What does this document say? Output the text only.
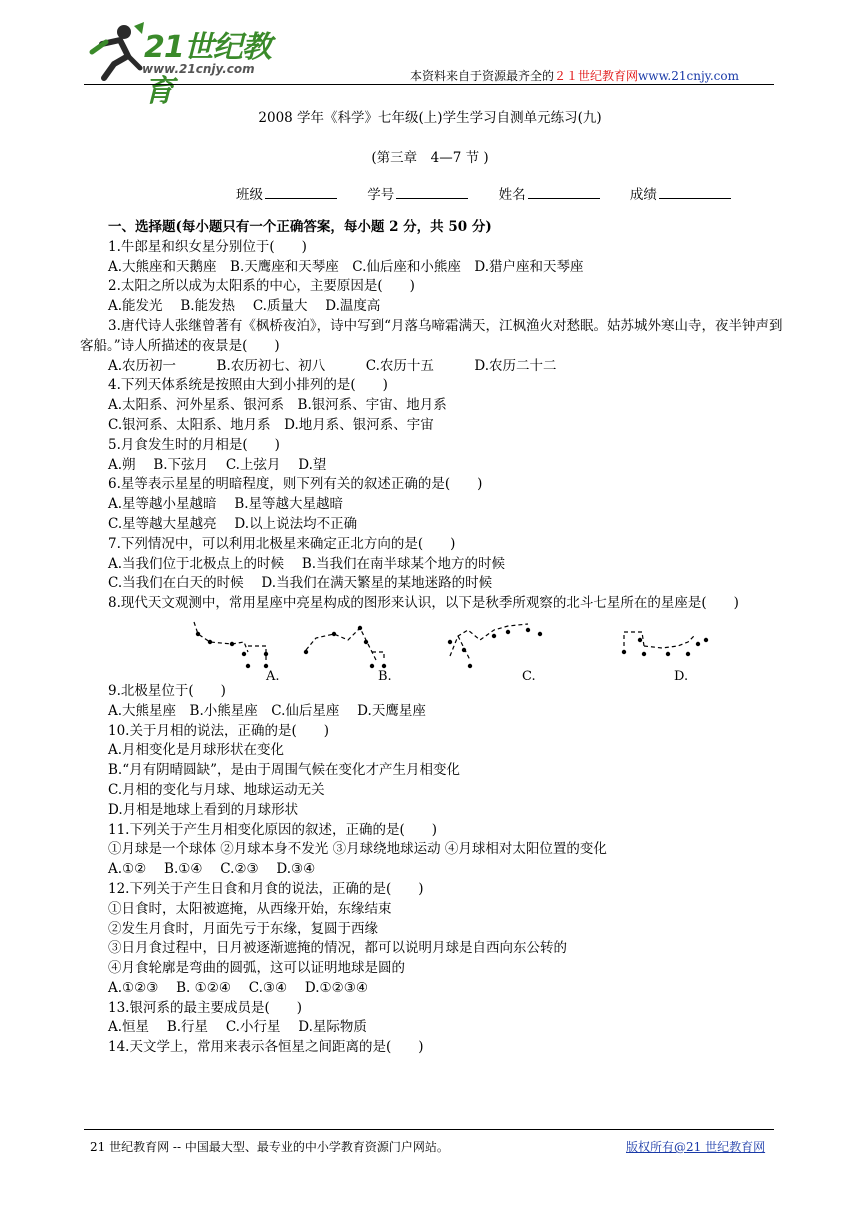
21世纪教育
www.21cnjy.com	本资料来自于资源最齐全的２１世纪教育网www.21cnjy.com
2008 学年《科学》七年级(上)学生学习自测单元练习(九)
(第三章　4—7 节 )
班级	学号	姓名	成绩

一、选择题(每小题只有一个正确答案，每小题 2 分，共 50 分)

1.牛郎星和织女星分别位于(　　)

A.大熊座和天鹅座　B.天鹰座和天琴座　C.仙后座和小熊座　D.猎户座和天琴座

2.太阳之所以成为太阳系的中心，主要原因是(　　)

A.能发光　 B.能发热　 C.质量大　 D.温度高

3.唐代诗人张继曾著有《枫桥夜泊》，诗中写到“月落乌啼霜满天，江枫渔火对愁眠。姑苏城外寒山寺，夜半钟声到客船。”诗人所描述的夜景是(　　)

A.农历初一　　　B.农历初七、初八　　　C.农历十五　　　D.农历二十二

4.下列天体系统是按照由大到小排列的是(　　)

A.太阳系、河外星系、银河系　B.银河系、宇宙、地月系

C.银河系、太阳系、地月系　D.地月系、银河系、宇宙

5.月食发生时的月相是(　　)

A.朔　 B.下弦月　 C.上弦月　 D.望

6.星等表示星星的明暗程度，则下列有关的叙述正确的是(　　)

A.星等越小星越暗　 B.星等越大星越暗

C.星等越大星越亮　 D.以上说法均不正确

7.下列情况中，可以利用北极星来确定正北方向的是(　　)

A.当我们位于北极点上的时候　 B.当我们在南半球某个地方的时候

C.当我们在白天的时候　 D.当我们在满天繁星的某地迷路的时候

8.现代天文观测中，常用星座中亮星构成的图形来认识，以下是秋季所观察的北斗七星所在的星座是(　　)

A.	B.	C.	D.

9.北极星位于(　　)

A.大熊星座　B.小熊星座　C.仙后星座　 D.天鹰星座

10.关于月相的说法，正确的是(　　)

A.月相变化是月球形状在变化

B.“月有阴晴圆缺”，是由于周围气候在变化才产生月相变化

C.月相的变化与月球、地球运动无关

D.月相是地球上看到的月球形状

11.下列关于产生月相变化原因的叙述，正确的是(　　)

①月球是一个球体 ②月球本身不发光 ③月球绕地球运动 ④月球相对太阳位置的变化

A.①②　 B.①④　 C.②③　 D.③④

12.下列关于产生日食和月食的说法，正确的是(　　)

①日食时，太阳被遮掩，从西缘开始，东缘结束

②发生月食时，月面先亏于东缘，复圆于西缘

③日月食过程中，日月被逐渐遮掩的情况，都可以说明月球是自西向东公转的

④月食轮廓是弯曲的圆弧，这可以证明地球是圆的

A.①②③　 B. ①②④　 C.③④　 D.①②③④

13.银河系的最主要成员是(　　)

A.恒星　 B.行星　 C.小行星　 D.星际物质

14.天文学上，常用来表示各恒星之间距离的是(　　)

21 世纪教育网 -- 中国最大型、最专业的中小学教育资源门户网站。	版权所有@21 世纪教育网
